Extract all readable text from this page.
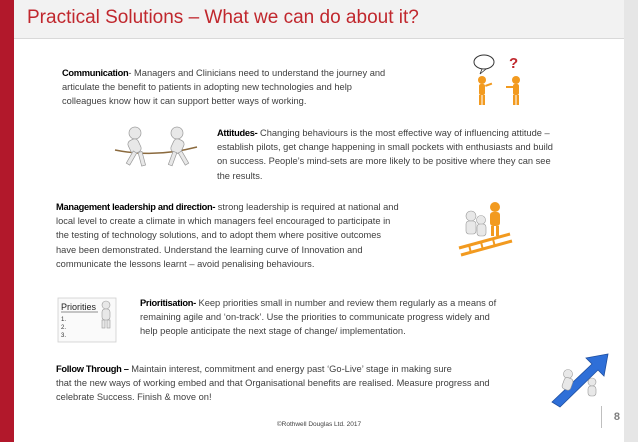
Practical Solutions – What we can do about it?
Communication- Managers and Clinicians need to understand the journey and
articulate the benefit to patients in adopting new technologies and help
colleagues know how it can support better ways of working.
Attitudes- Changing behaviours is the most effective way of influencing attitude –
establish pilots, get change happening in small pockets with enthusiasts and build
on success. People’s mind-sets are more likely to be positive where they can see
the results.
Management leadership and direction- strong leadership is required at national and
local level to create a climate in which managers feel encouraged to participate in
the testing of technology solutions, and to adopt them where positive outcomes
have been demonstrated. Understand the learning curve of Innovation and
communicate the lessons learnt – avoid penalising behaviours.
Prioritisation- Keep priorities small in number and review them regularly as a means of
remaining agile and ‘on-track’. Use the priorities to communicate progress widely and
help people anticipate the next stage of change/ implementation.
Follow Through – Maintain interest, commitment and energy past ‘Go-Live’ stage in making sure
that the new ways of working embed and that Organisational benefits are realised. Measure progress and
celebrate Success. Finish & move on!
?
Priorities
1.
2.
3.
©Rothwell Douglas Ltd. 2017
8
